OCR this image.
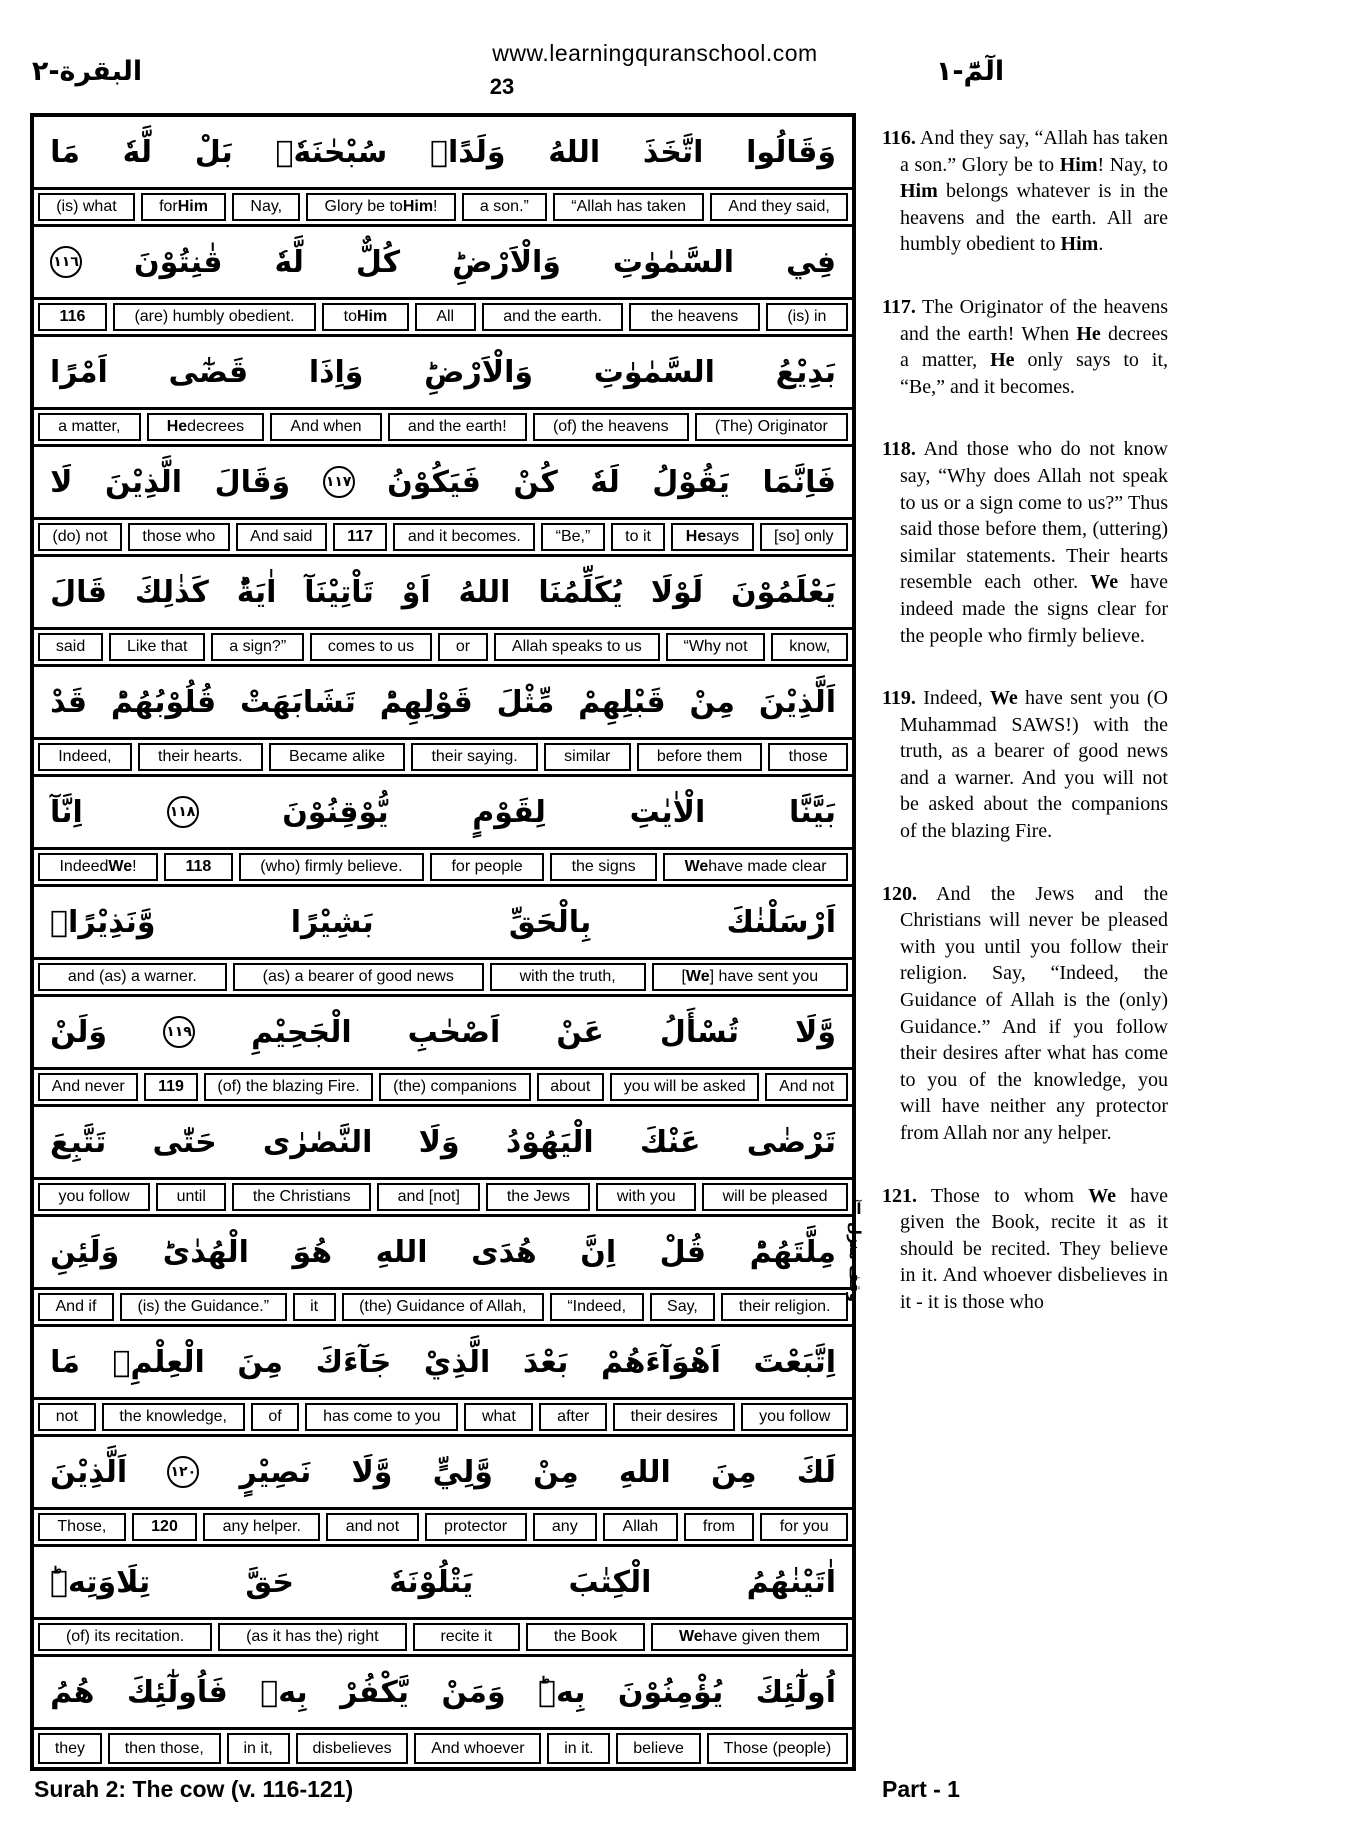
www.learningquranschool.com
23	الٓمّٓ-١
البقرة-٢
وَقَالُوا
اتَّخَذَ
اللهُ
وَلَدًاۙ
سُبْحٰنَهٗۚ
بَلْ
لَّهٗ
مَا
(is) what	for Him	Nay,	Glory be to Him !	a son.”	“Allah has taken	And they said,
فِي
السَّمٰوٰتِ
وَالْاَرْضِؕ
كُلٌّ
لَّهٗ
قٰنِتُوْنَ
١١٦
116	(are) humbly obedient.	to Him	All	and the earth.	the heavens	(is) in
بَدِيْعُ
السَّمٰوٰتِ
وَالْاَرْضِؕ
وَاِذَا
قَضٰٓى
اَمْرًا
a matter,	He decrees	And when	and the earth!	(of) the heavens	(The) Originator
فَاِنَّمَا
يَقُوْلُ
لَهٗ
كُنْ
فَيَكُوْنُ
١١٧
وَقَالَ
الَّذِيْنَ
لَا
(do) not	those who	And said	117	and it becomes.	“Be,”	to it	He says	[so] only
يَعْلَمُوْنَ
لَوْلَا
يُكَلِّمُنَا
اللهُ
اَوْ
تَاْتِيْنَآ
اٰيَةٌؕ
كَذٰلِكَ
قَالَ
said	Like that	a sign?”	comes to us	or	Allah speaks to us	“Why not	know,
اَلَّذِيْنَ
مِنْ
قَبْلِهِمْ
مِّثْلَ
قَوْلِهِمْؕ
تَشَابَهَتْ
قُلُوْبُهُمْؕ
قَدْ
Indeed,	their hearts.	Became alike	their saying.	similar	before them	those
بَيَّنَّا
الْاٰيٰتِ
لِقَوْمٍ
يُّوْقِنُوْنَ
١١٨
اِنَّآ
Indeed We !	118	(who) firmly believe.	for people	the signs	We have made clear
اَرْسَلْنٰكَ
بِالْحَقِّ
بَشِيْرًا
وَّنَذِيْرًاۙ
and (as) a warner.	(as) a bearer of good news	with the truth,	[ We ] have sent you
وَّلَا
تُسْأَلُ
عَنْ
اَصْحٰبِ
الْجَحِيْمِ
١١٩
وَلَنْ
And never	119	(of) the blazing Fire.	(the) companions	about	you will be asked	And not
تَرْضٰى
عَنْكَ
الْيَهُوْدُ
وَلَا
النَّصٰرٰى
حَتّٰى
تَتَّبِعَ
you follow	until	the Christians	and [not]	the Jews	with you	will be pleased
مِلَّتَهُمْؕ
قُلْ
اِنَّ
هُدَى
اللهِ
هُوَ
الْهُدٰىؕ
وَلَئِنِ
And if	(is) the Guidance.”	it	(the) Guidance of Allah,	“Indeed,	Say,	their religion.
اِتَّبَعْتَ
اَهْوَآءَهُمْ
بَعْدَ
الَّذِيْ
جَآءَكَ
مِنَ
الْعِلْمِۙ
مَا
not	the knowledge,	of	has come to you	what	after	their desires	you follow
لَكَ
مِنَ
اللهِ
مِنْ
وَّلِيٍّ
وَّلَا
نَصِيْرٍ
١٢٠
اَلَّذِيْنَ
Those,	120	any helper.	and not	protector	any	Allah	from	for you
اٰتَيْنٰهُمُ
الْكِتٰبَ
يَتْلُوْنَهٗ
حَقَّ
تِلَاوَتِهٖؕ
(of) its recitation.	(as it has the) right	recite it	the Book	We have given them
اُولٰٓئِكَ
يُؤْمِنُوْنَ
بِهٖؕ
وَمَنْ
يَّكْفُرْ
بِهٖ
فَاُولٰٓئِكَ
هُمُ
they	then those,	in it,	disbelieves	And whoever	in it.	believe	Those (people)
آ
وقف منزل
116. And they say, “Allah has taken a son.” Glory be to Him! Nay, to Him belongs whatever is in the heavens and the earth. All are humbly obedient to Him.
117. The Originator of the heavens and the earth! When He decrees a matter, He only says to it, “Be,” and it becomes.
118. And those who do not know say, “Why does Allah not speak to us or a sign come to us?” Thus said those before them, (uttering) similar statements. Their hearts resemble each other. We have indeed made the signs clear for the people who firmly believe.
119. Indeed, We have sent you (O Muhammad SAWS!) with the truth, as a bearer of good news and a warner. And you will not be asked about the companions of the blazing Fire.
120. And the Jews and the Christians will never be pleased with you until you follow their religion. Say, “Indeed, the Guidance of Allah is the (only) Guidance.” And if you follow their desires after what has come to you of the knowledge, you will have neither any protector from Allah nor any helper.
121. Those to whom We have given the Book, recite it as it should be recited. They believe in it. And whoever disbelieves in it - it is those who
Surah 2: The cow (v. 116-121)	Part - 1
